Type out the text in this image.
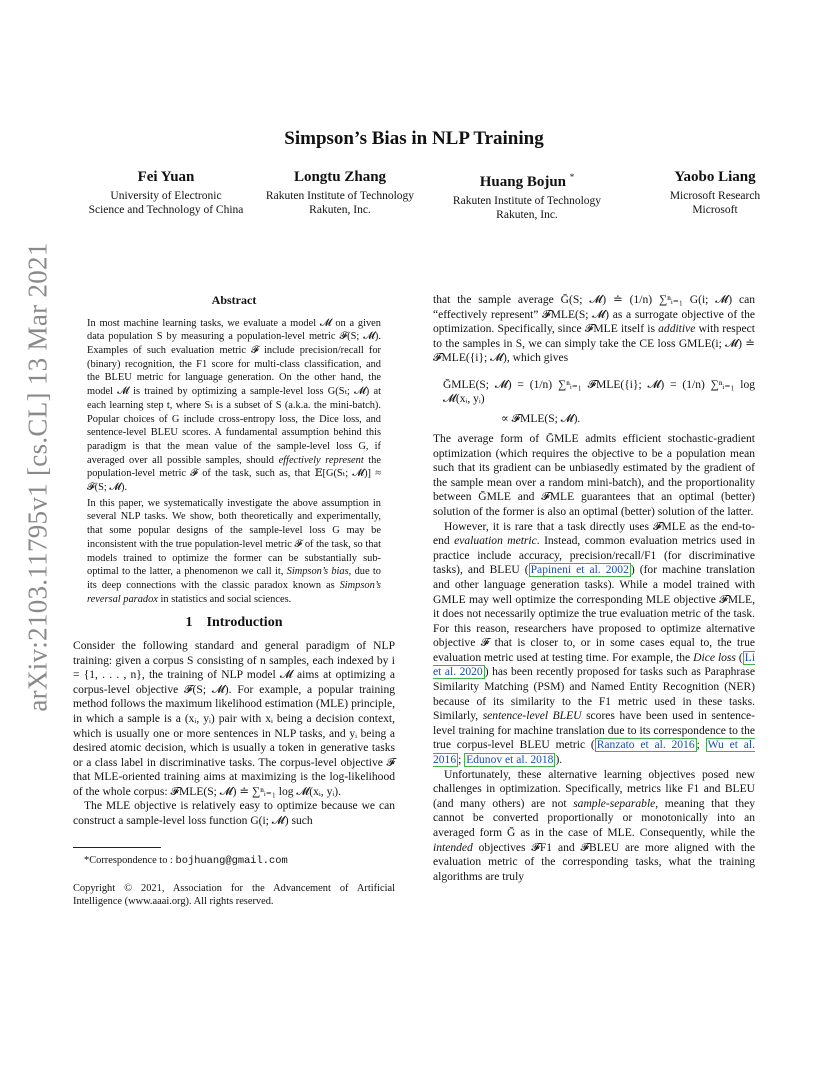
arXiv:2103.11795v1 [cs.CL] 13 Mar 2021
Simpson’s Bias in NLP Training
Fei Yuan
University of Electronic
Science and Technology of China
Longtu Zhang
Rakuten Institute of Technology
Rakuten, Inc.
Huang Bojun *
Rakuten Institute of Technology
Rakuten, Inc.
Yaobo Liang
Microsoft Research
Microsoft
Abstract

In most machine learning tasks, we evaluate a model 𝓜 on a given data population S by measuring a population-level metric 𝓕(S; 𝓜). Examples of such evaluation metric 𝓕 include precision/recall for (binary) recognition, the F1 score for multi-class classification, and the BLEU metric for language generation. On the other hand, the model 𝓜 is trained by optimizing a sample-level loss G(Sₜ; 𝓜) at each learning step t, where Sₜ is a subset of S (a.k.a. the mini-batch). Popular choices of G include cross-entropy loss, the Dice loss, and sentence-level BLEU scores. A fundamental assumption behind this paradigm is that the mean value of the sample-level loss G, if averaged over all possible samples, should effectively represent the population-level metric 𝓕 of the task, such as, that 𝔼[G(Sₜ; 𝓜)] ≈ 𝓕(S; 𝓜).

In this paper, we systematically investigate the above assumption in several NLP tasks. We show, both theoretically and experimentally, that some popular designs of the sample-level loss G may be inconsistent with the true population-level metric 𝓕 of the task, so that models trained to optimize the former can be substantially sub-optimal to the latter, a phenomenon we call it, Simpson’s bias, due to its deep connections with the classic paradox known as Simpson’s reversal paradox in statistics and social sciences.

1 Introduction

Consider the following standard and general paradigm of NLP training: given a corpus S consisting of n samples, each indexed by i = {1, . . . , n}, the training of NLP model 𝓜 aims at optimizing a corpus-level objective 𝓕(S; 𝓜). For example, a popular training method follows the maximum likelihood estimation (MLE) principle, in which a sample is a (xᵢ, yᵢ) pair with xᵢ being a decision context, which is usually one or more sentences in NLP tasks, and yᵢ being a desired atomic decision, which is usually a token in generative tasks or a class label in discriminative tasks. The corpus-level objective 𝓕 that MLE-oriented training aims at maximizing is the log-likelihood of the whole corpus: 𝓕MLE(S; 𝓜) ≐ ∑ⁿᵢ₌₁ log 𝓜(xᵢ, yᵢ).

The MLE objective is relatively easy to optimize because we can construct a sample-level loss function G(i; 𝓜) such

*Correspondence to : bojhuang@gmail.com

Copyright © 2021, Association for the Advancement of Artificial Intelligence (www.aaai.org). All rights reserved.

that the sample average Ḡ(S; 𝓜) ≐ (1/n) ∑ⁿᵢ₌₁ G(i; 𝓜) can “effectively represent” 𝓕MLE(S; 𝓜) as a surrogate objective of the optimization. Specifically, since 𝓕MLE itself is additive with respect to the samples in S, we can simply take the CE loss GMLE(i; 𝓜) ≐ 𝓕MLE({i}; 𝓜), which gives

ḠMLE(S; 𝓜) = (1/n) ∑ⁿᵢ₌₁ 𝓕MLE({i}; 𝓜) = (1/n) ∑ⁿᵢ₌₁ log 𝓜(xᵢ, yᵢ)
∝ 𝓕MLE(S; 𝓜).

The average form of ḠMLE admits efficient stochastic-gradient optimization (which requires the objective to be a population mean such that its gradient can be unbiasedly estimated by the gradient of the sample mean over a random mini-batch), and the proportionality between ḠMLE and 𝓕MLE guarantees that an optimal (better) solution of the former is also an optimal (better) solution of the latter.

However, it is rare that a task directly uses 𝓕MLE as the end-to-end evaluation metric. Instead, common evaluation metrics used in practice include accuracy, precision/recall/F1 (for discriminative tasks), and BLEU ( Papineni et al. 2002 ) (for machine translation and other language generation tasks). While a model trained with GMLE may well optimize the corresponding MLE objective 𝓕MLE, it does not necessarily optimize the true evaluation metric of the task. For this reason, researchers have proposed to optimize alternative objective 𝓕 that is closer to, or in some cases equal to, the true evaluation metric used at testing time. For example, the Dice loss ( Li et al. 2020 ) has been recently proposed for tasks such as Paraphrase Similarity Matching (PSM) and Named Entity Recognition (NER) because of its similarity to the F1 metric used in these tasks. Similarly, sentence-level BLEU scores have been used in sentence-level training for machine translation due to its correspondence to the true corpus-level BLEU metric ( Ranzato et al. 2016 ; Wu et al. 2016 ; Edunov et al. 2018 ).

Unfortunately, these alternative learning objectives posed new challenges in optimization. Specifically, metrics like F1 and BLEU (and many others) are not sample-separable, meaning that they cannot be converted proportionally or monotonically into an averaged form Ḡ as in the case of MLE. Consequently, while the intended objectives 𝓕F1 and 𝓕BLEU are more aligned with the evaluation metric of the corresponding tasks, what the training algorithms are truly
